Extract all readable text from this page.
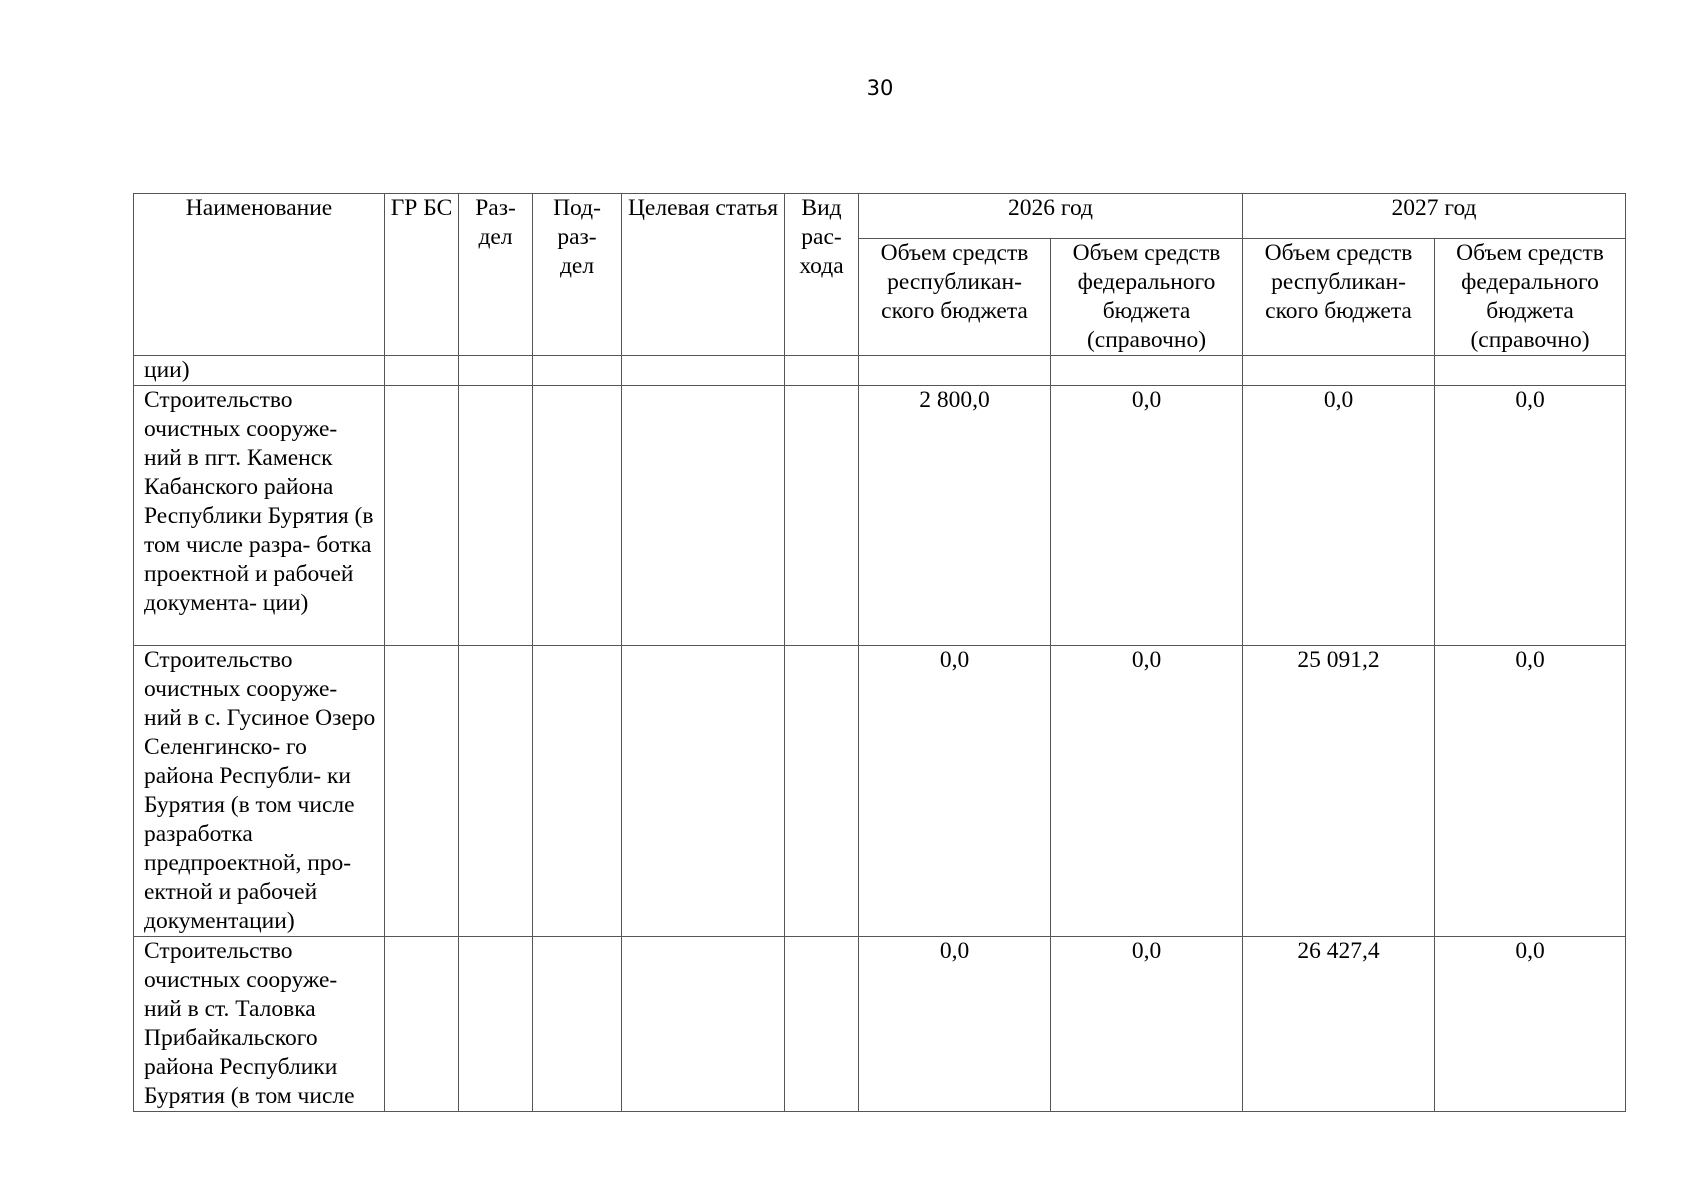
30
Наименование	ГР БС	Раз- дел	Под- раз- дел	Целевая статья	Вид рас- хода	2026 год		2027 год	
						Объем средств республикан- ского бюджета	Объем средств федерального бюджета (справочно)	Объем средств республикан- ского бюджета	Объем средств федерального бюджета (справочно)
ции)									
Строительство очистных сооруже- ний в пгт. Каменск Кабанского района Республики Бурятия (в том числе разра- ботка проектной и рабочей документа- ции)						2 800,0	0,0	0,0	0,0
Строительство очистных сооруже- ний в с. Гусиное Озеро Селенгинско- го района Республи- ки Бурятия (в том числе разработка предпроектной, про- ектной и рабочей документации)						0,0	0,0	25 091,2	0,0
Строительство очистных сооруже- ний в ст. Таловка Прибайкальского района Республики Бурятия (в том числе						0,0	0,0	26 427,4	0,0
